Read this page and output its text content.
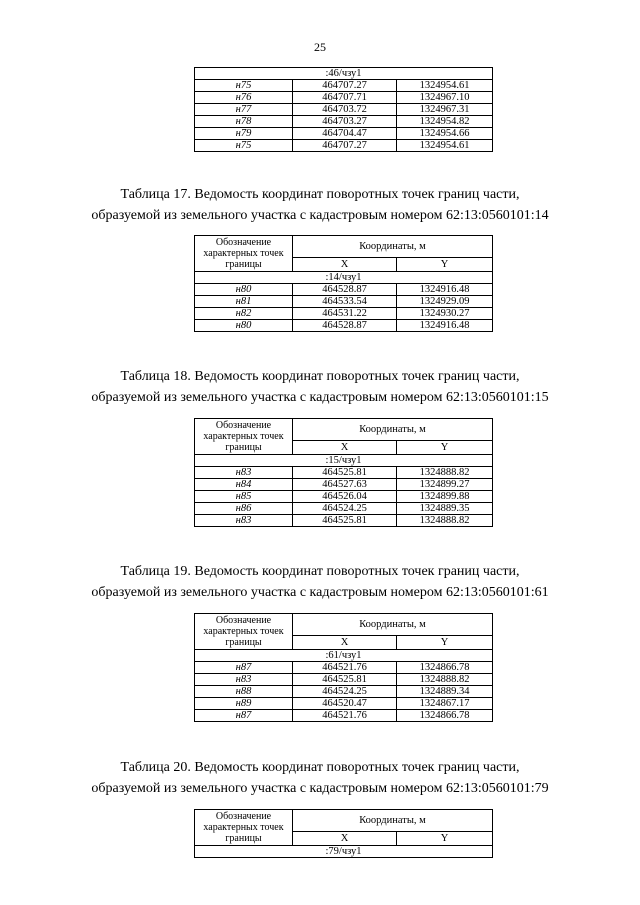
25
:46/чзу1		
н75	464707.27	1324954.61
н76	464707.71	1324967.10
н77	464703.72	1324967.31
н78	464703.27	1324954.82
н79	464704.47	1324954.66
н75	464707.27	1324954.61
Таблица 17. Ведомость координат поворотных точек границ части,
образуемой из земельного участка с кадастровым номером 62:13:0560101:14
Обозначение характерных точек границы	Координаты, м	
	X	Y
:14/чзу1		
н80	464528.87	1324916.48
н81	464533.54	1324929.09
н82	464531.22	1324930.27
н80	464528.87	1324916.48
Таблица 18. Ведомость координат поворотных точек границ части,
образуемой из земельного участка с кадастровым номером 62:13:0560101:15
Обозначение характерных точек границы	Координаты, м	
	X	Y
:15/чзу1		
н83	464525.81	1324888.82
н84	464527.63	1324899.27
н85	464526.04	1324899.88
н86	464524.25	1324889.35
н83	464525.81	1324888.82
Таблица 19. Ведомость координат поворотных точек границ части,
образуемой из земельного участка с кадастровым номером 62:13:0560101:61
Обозначение характерных точек границы	Координаты, м	
	X	Y
:61/чзу1		
н87	464521.76	1324866.78
н83	464525.81	1324888.82
н88	464524.25	1324889.34
н89	464520.47	1324867.17
н87	464521.76	1324866.78
Таблица 20. Ведомость координат поворотных точек границ части,
образуемой из земельного участка с кадастровым номером 62:13:0560101:79
Обозначение характерных точек границы	Координаты, м	
	X	Y
:79/чзу1		
